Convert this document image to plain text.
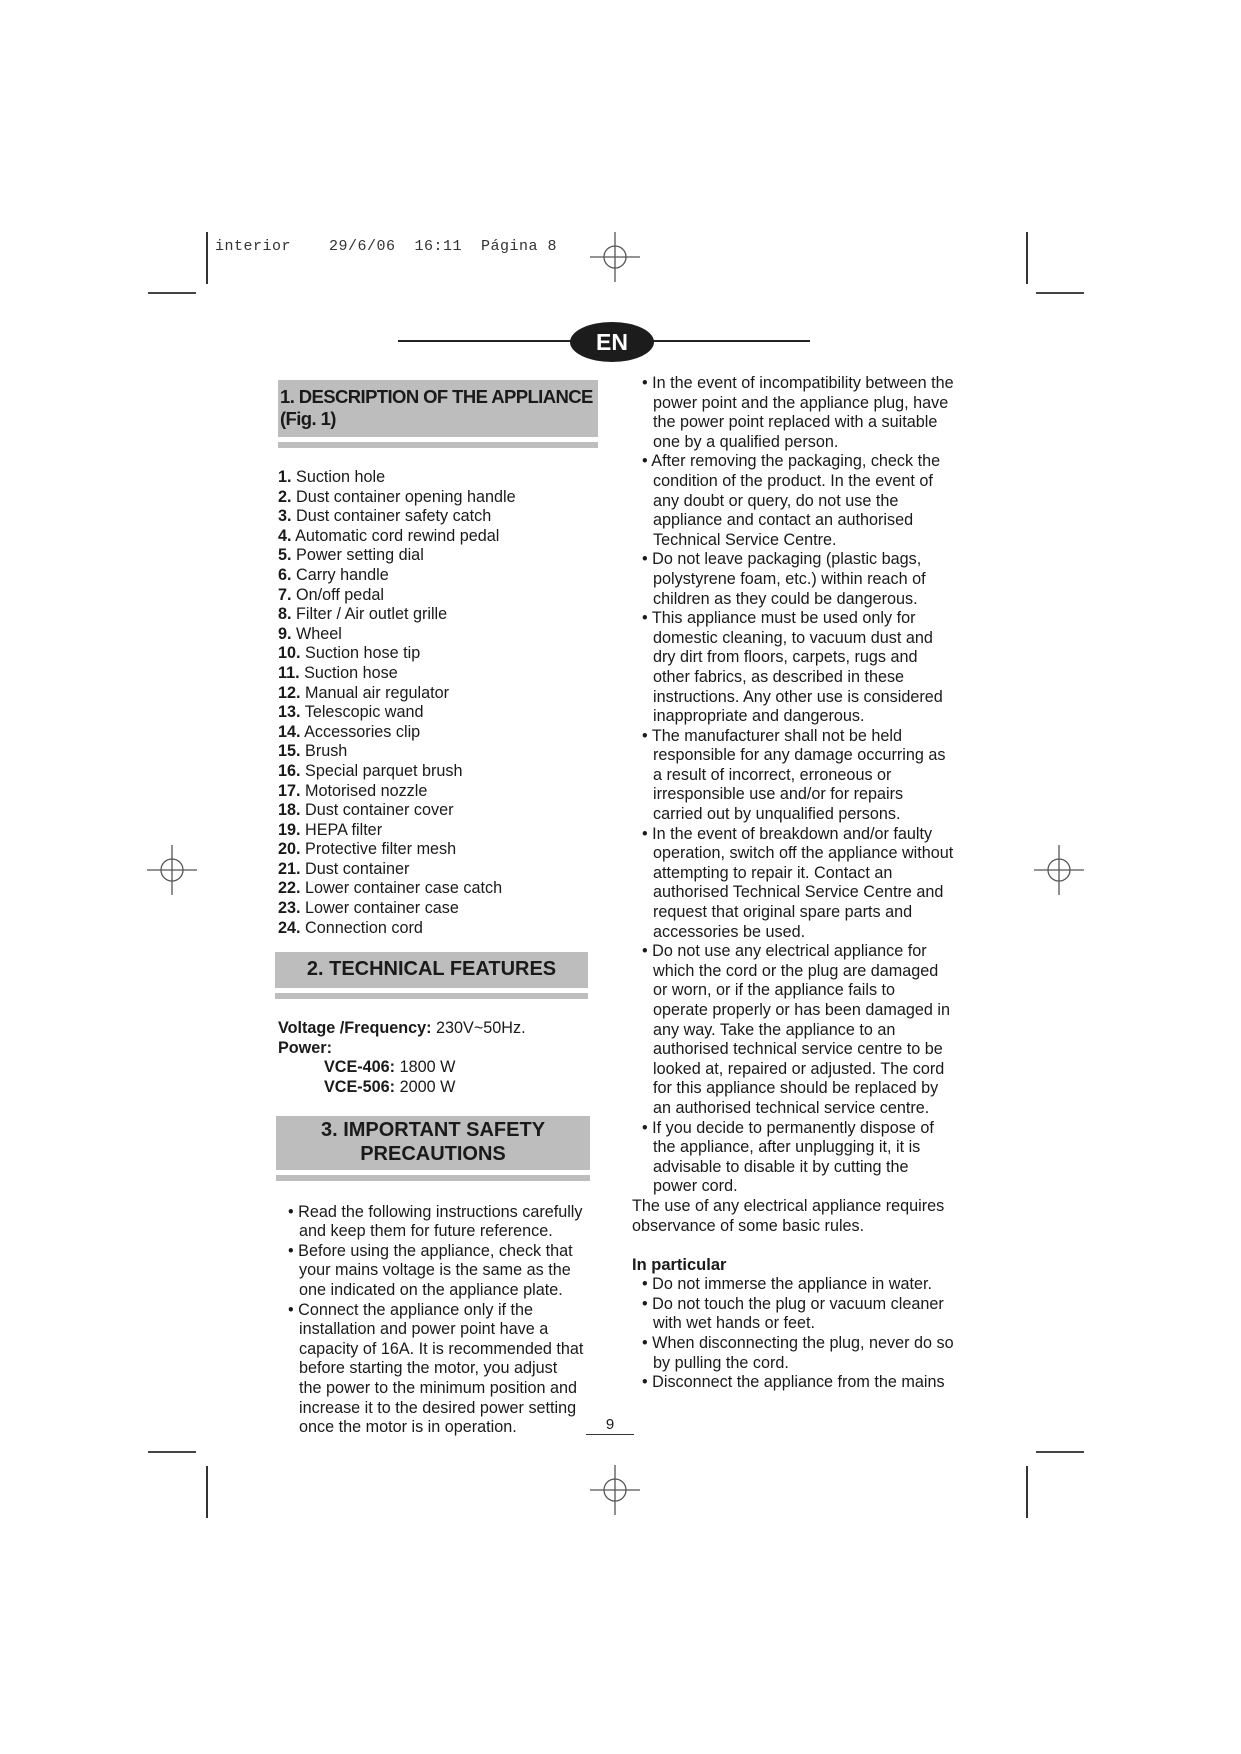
interior    29/6/06  16:11  Página 8
EN
1. DESCRIPTION OF THE APPLIANCE (Fig. 1)
1. Suction hole
2. Dust container opening handle
3. Dust container safety catch
4. Automatic cord rewind pedal
5. Power setting dial
6. Carry handle
7. On/off pedal
8. Filter / Air outlet grille
9. Wheel
10. Suction hose tip
11. Suction hose
12. Manual air regulator
13. Telescopic wand
14. Accessories clip
15. Brush
16. Special parquet brush
17. Motorised nozzle
18. Dust container cover
19. HEPA filter
20. Protective filter mesh
21. Dust container
22. Lower container case catch
23. Lower container case
24. Connection cord
2. TECHNICAL FEATURES
Voltage /Frequency: 230V~50Hz.
Power:
VCE-406: 1800 W
VCE-506: 2000 W
3. IMPORTANT SAFETY
PRECAUTIONS
• Read the following instructions carefully and keep them for future reference.
• Before using the appliance, check that your mains voltage is the same as the one indicated on the appliance plate.
• Connect the appliance only if the installation and power point have a capacity of 16A. It is recommended that before starting the motor, you adjust the power to the minimum position and increase it to the desired power setting once the motor is in operation.
• In the event of incompatibility between the power point and the appliance plug, have the power point replaced with a suitable one by a qualified person.
• After removing the packaging, check the condition of the product. In the event of any doubt or query, do not use the appliance and contact an authorised Technical Service Centre.
• Do not leave packaging (plastic bags, polystyrene foam, etc.) within reach of children as they could be dangerous.
• This appliance must be used only for domestic cleaning, to vacuum dust and dry dirt from floors, carpets, rugs and other fabrics, as described in these instructions. Any other use is considered inappropriate and dangerous.
• The manufacturer shall not be held responsible for any damage occurring as a result of incorrect, erroneous or irresponsible use and/or for repairs carried out by unqualified persons.
• In the event of breakdown and/or faulty operation, switch off the appliance without attempting to repair it. Contact an authorised Technical Service Centre and request that original spare parts and accessories be used.
• Do not use any electrical appliance for which the cord or the plug are damaged or worn, or if the appliance fails to operate properly or has been damaged in any way. Take the appliance to an authorised technical service centre to be looked at, repaired or adjusted. The cord for this appliance should be replaced by an authorised technical service centre.
• If you decide to permanently dispose of the appliance, after unplugging it, it is advisable to disable it by cutting the power cord.

The use of any electrical appliance requires observance of some basic rules.

In particular
• Do not immerse the appliance in water.
• Do not touch the plug or vacuum cleaner with wet hands or feet.
• When disconnecting the plug, never do so by pulling the cord.
• Disconnect the appliance from the mains
9
